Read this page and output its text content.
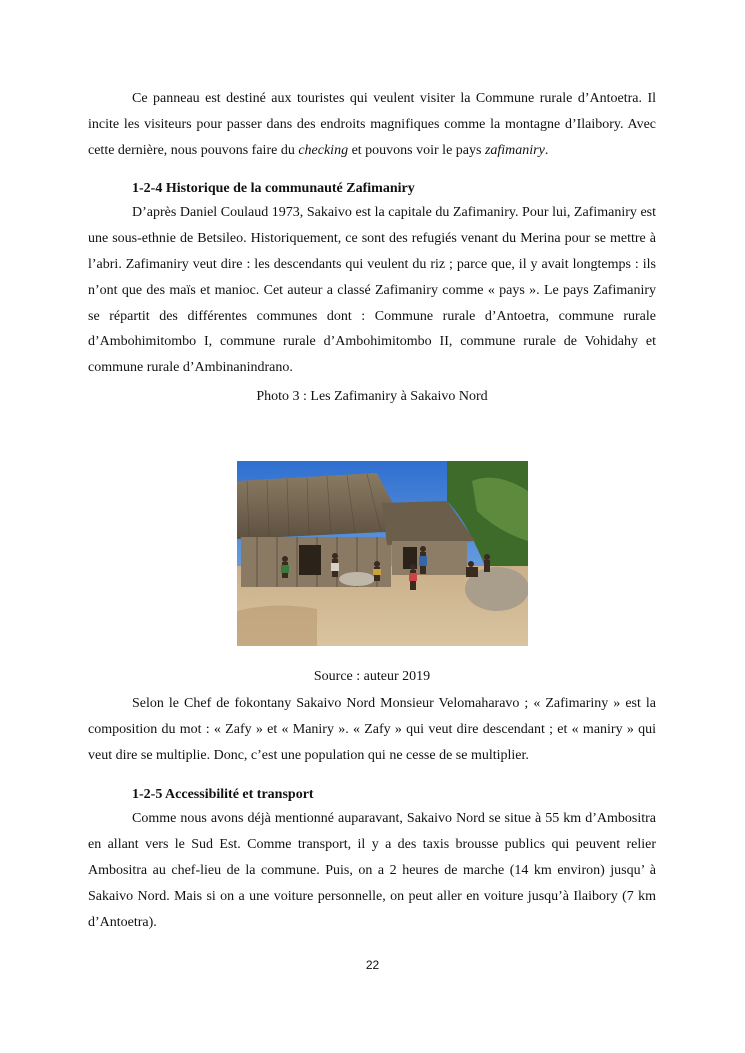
Ce panneau est destiné aux touristes qui veulent visiter la Commune rurale d’Antoetra. Il incite les visiteurs pour passer dans des endroits magnifiques comme la montagne d’Ilaibory. Avec cette dernière, nous pouvons faire du checking et pouvons voir le pays zafimaniry.

1-2-4 Historique de la communauté Zafimaniry

D’après Daniel Coulaud 1973, Sakaivo est la capitale du Zafimaniry. Pour lui, Zafimaniry est une sous-ethnie de Betsileo. Historiquement, ce sont des refugiés venant du Merina pour se mettre à l’abri. Zafimaniry veut dire : les descendants qui veulent du riz ; parce que, il y avait longtemps : ils n’ont que des maïs et manioc. Cet auteur a classé Zafimaniry comme « pays ». Le pays Zafimaniry se répartit des différentes communes dont : Commune rurale d’Antoetra, commune rurale d’Ambohimitombo I, commune rurale d’Ambohimitombo II, commune rurale de Vohidahy et commune rurale d’Ambinanindrano.

Photo 3 : Les Zafimaniry à Sakaivo Nord

Source : auteur 2019

Selon le Chef de fokontany Sakaivo Nord Monsieur Velomaharavo ; « Zafimariny » est la composition du mot : « Zafy » et « Maniry ». « Zafy » qui veut dire descendant ; et « maniry » qui veut dire se multiplie. Donc, c’est une population qui ne cesse de se multiplier.

1-2-5 Accessibilité et transport

Comme nous avons déjà mentionné auparavant, Sakaivo Nord se situe à 55 km d’Ambositra en allant vers le Sud Est. Comme transport, il y a des taxis brousse publics qui peuvent relier Ambositra au chef-lieu de la commune. Puis, on a 2 heures de marche (14 km environ) jusqu’ à Sakaivo Nord. Mais si on a une voiture personnelle, on peut aller en voiture jusqu’à Ilaibory (7 km d’Antoetra).

22
